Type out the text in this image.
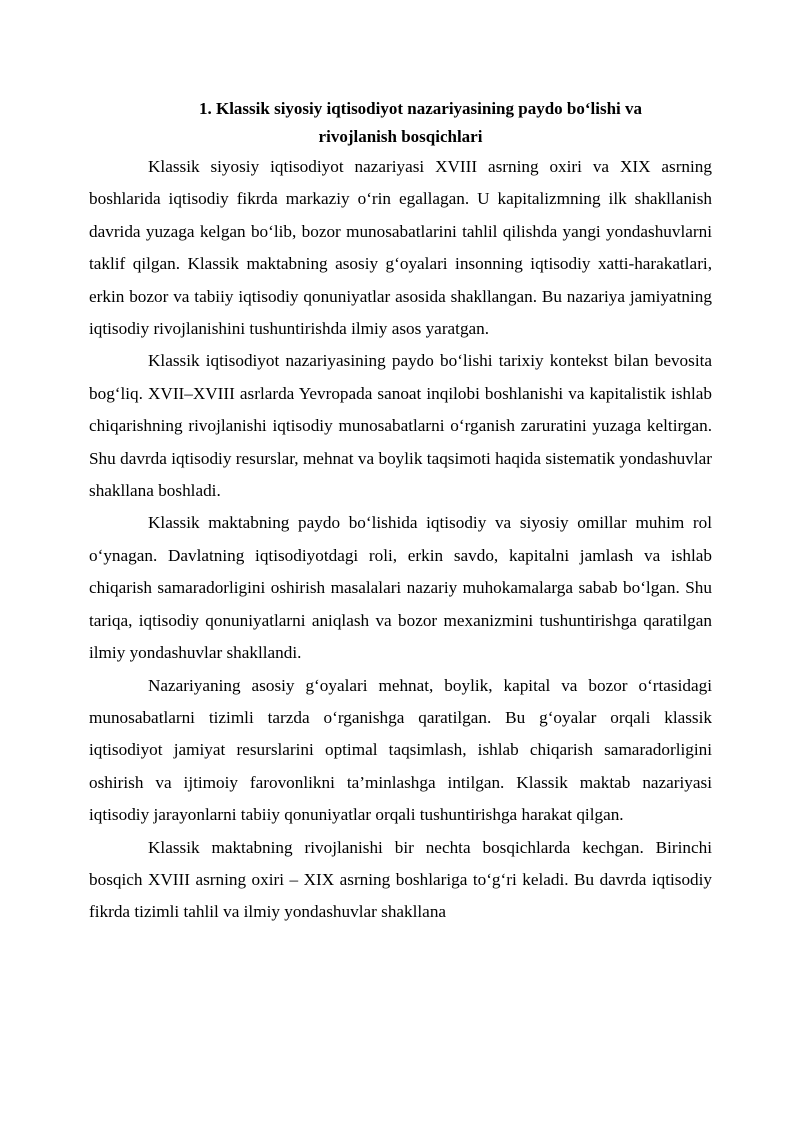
1. Klassik siyosiy iqtisodiyot nazariyasining paydo bo‘lishi va
rivojlanish bosqichlari

Klassik siyosiy iqtisodiyot nazariyasi XVIII asrning oxiri va XIX asrning boshlarida iqtisodiy fikrda markaziy o‘rin egallagan. U kapitalizmning ilk shakllanish davrida yuzaga kelgan bo‘lib, bozor munosabatlarini tahlil qilishda yangi yondashuvlarni taklif qilgan. Klassik maktabning asosiy g‘oyalari insonning iqtisodiy xatti-harakatlari, erkin bozor va tabiiy iqtisodiy qonuniyatlar asosida shakllangan. Bu nazariya jamiyatning iqtisodiy rivojlanishini tushuntirishda ilmiy asos yaratgan.

Klassik iqtisodiyot nazariyasining paydo bo‘lishi tarixiy kontekst bilan bevosita bog‘liq. XVII–XVIII asrlarda Yevropada sanoat inqilobi boshlanishi va kapitalistik ishlab chiqarishning rivojlanishi iqtisodiy munosabatlarni o‘rganish zaruratini yuzaga keltirgan. Shu davrda iqtisodiy resurslar, mehnat va boylik taqsimoti haqida sistematik yondashuvlar shakllana boshladi.

Klassik maktabning paydo bo‘lishida iqtisodiy va siyosiy omillar muhim rol o‘ynagan. Davlatning iqtisodiyotdagi roli, erkin savdo, kapitalni jamlash va ishlab chiqarish samaradorligini oshirish masalalari nazariy muhokamalarga sabab bo‘lgan. Shu tariqa, iqtisodiy qonuniyatlarni aniqlash va bozor mexanizmini tushuntirishga qaratilgan ilmiy yondashuvlar shakllandi.

Nazariyaning asosiy g‘oyalari mehnat, boylik, kapital va bozor o‘rtasidagi munosabatlarni tizimli tarzda o‘rganishga qaratilgan. Bu g‘oyalar orqali klassik iqtisodiyot jamiyat resurslarini optimal taqsimlash, ishlab chiqarish samaradorligini oshirish va ijtimoiy farovonlikni ta’minlashga intilgan. Klassik maktab nazariyasi iqtisodiy jarayonlarni tabiiy qonuniyatlar orqali tushuntirishga harakat qilgan.

Klassik maktabning rivojlanishi bir nechta bosqichlarda kechgan. Birinchi bosqich XVIII asrning oxiri – XIX asrning boshlariga to‘g‘ri keladi. Bu davrda iqtisodiy fikrda tizimli tahlil va ilmiy yondashuvlar shakllana
